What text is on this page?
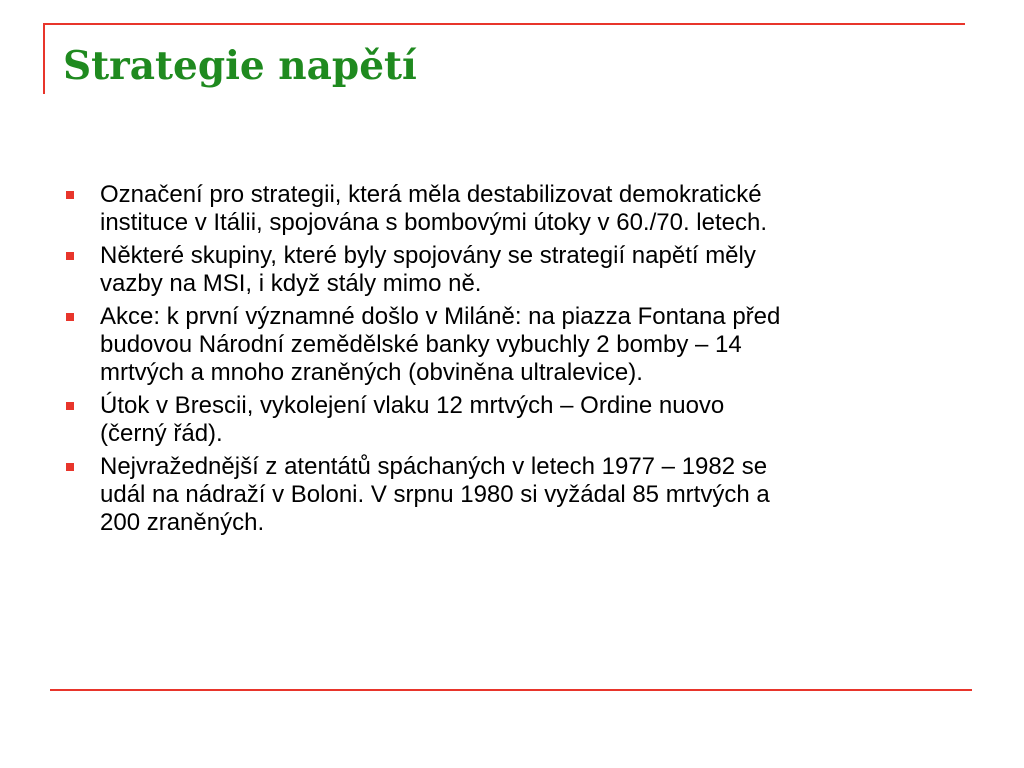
Strategie napětí
Označení pro strategii, která měla destabilizovat demokratické
instituce v Itálii, spojována s bombovými útoky v 60./70. letech.
Některé skupiny, které byly spojovány se strategií napětí měly
vazby na MSI, i když stály mimo ně.
Akce: k první významné došlo v Miláně: na piazza Fontana před
budovou Národní zemědělské banky vybuchly 2 bomby – 14
mrtvých a mnoho zraněných (obviněna ultralevice).
Útok v Brescii, vykolejení vlaku 12 mrtvých – Ordine nuovo
(černý řád).
Nejvražednější z atentátů spáchaných v letech 1977 – 1982 se
udál na nádraží v Boloni. V srpnu 1980 si vyžádal 85 mrtvých a
200 zraněných.
